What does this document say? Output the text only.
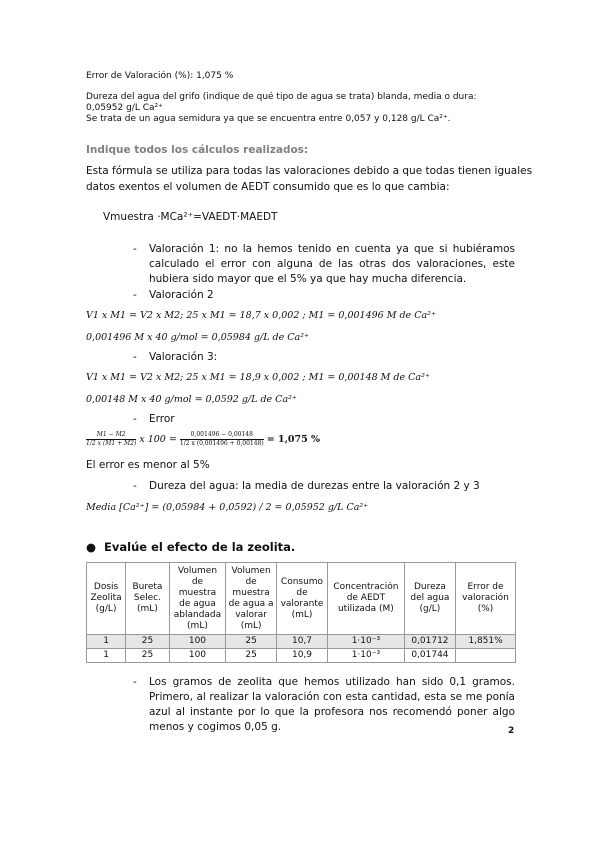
Error de Valoración (%): 1,075 %
Dureza del agua del grifo (indique de qué tipo de agua se trata) blanda, media o dura:
0,05952 g/L Ca²⁺
Se trata de un agua semidura ya que se encuentra entre 0,057 y 0,128 g/L Ca²⁺.
Indique todos los cálculos realizados:
Esta fórmula se utiliza para todas las valoraciones debido a que todas tienen iguales
datos exentos el volumen de AEDT consumido que es lo que cambia:
Vmuestra ·MCa²⁺=VAEDT·MAEDT
- Valoración 1: no la hemos tenido en cuenta ya que si hubiéramos calculado el error con alguna de las otras dos valoraciones, este hubiera sido mayor que el 5% ya que hay mucha diferencia.
- Valoración 2
V1 x M1 = V2 x M2; 25 x M1 = 18,7 x 0,002 ; M1 = 0,001496 M de Ca²⁺
0,001496 M x 40 g/mol = 0,05984 g/L de Ca²⁺
- Valoración 3:
V1 x M1 = V2 x M2; 25 x M1 = 18,9 x 0,002 ; M1 = 0,00148 M de Ca²⁺
0,00148 M x 40 g/mol = 0,0592 g/L de Ca²⁺
- Error
$\frac{M1 - M2}{1/2 x (M1 + M2)}$ x $100 = \frac{0,001496 - 0,00148}{1/2 x (0,001496 + 0,00148)} = 1,075$ %
El error es menor al 5%
- Dureza del agua: la media de durezas entre la valoración 2 y 3
Media [Ca²⁺] = (0,05984 + 0,0592) / 2 = 0,05952 g/L Ca²⁺
●  Evalúe el efecto de la zeolita.
Dosis Zeolita (g/L)	Bureta Selec. (mL)	Volumen de muestra de agua ablandada (mL)	Volumen de muestra de agua a valorar (mL)	Consumo de valorante (mL)	Concentración de AEDT utilizada (M)	Dureza del agua (g/L)	Error de valoración (%)
1	25	100	25	10,7	1·10⁻³	0,01712	1,851%
1	25	100	25	10,9	1·10⁻³	0,01744	
- Los gramos de zeolita que hemos utilizado han sido 0,1 gramos. Primero, al realizar la valoración con esta cantidad, esta se me ponía azul al instante por lo que la profesora nos recomendó poner algo menos y cogimos 0,05 g.	2
